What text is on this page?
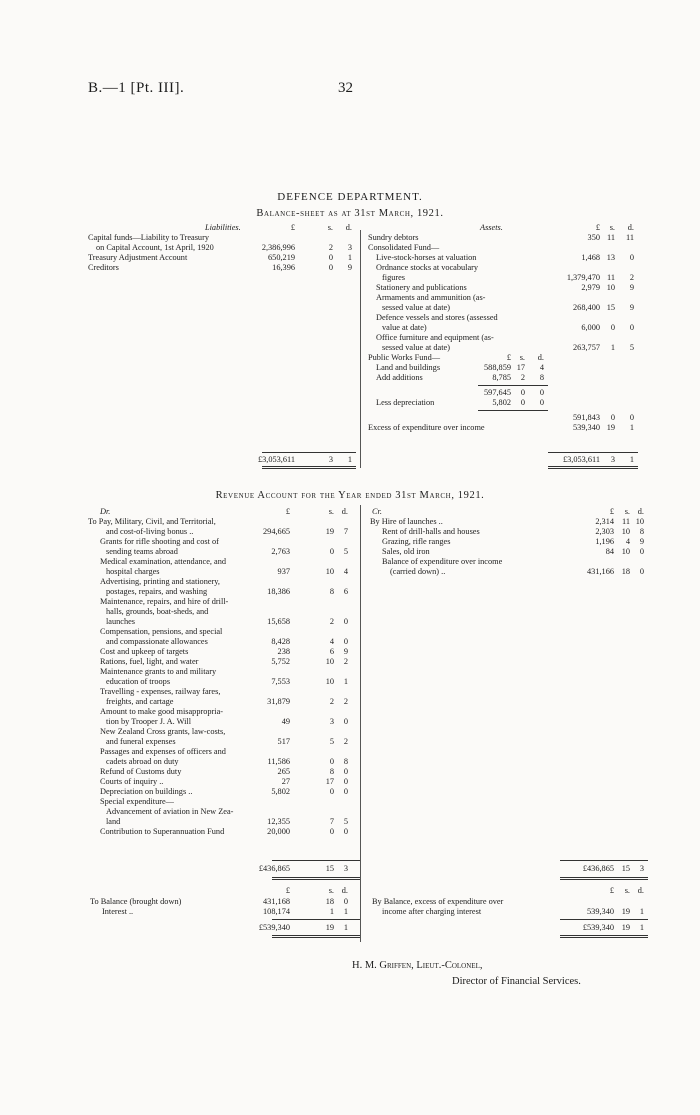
B.—1 [Pt. III].	32
DEFENCE DEPARTMENT.
Balance-sheet as at 31st March, 1921.
Liabilities.	£	s.	d.	Assets.	£	s.	d.
Capital funds—Liability to Treasury
on Capital Account, 1st April, 1920	2,386,996	2	3
Treasury Adjustment Account	650,219	0	1
Creditors	16,396	0	9
£3,053,611	3	1
Sundry debtors	350 11	11
Consolidated Fund—
Live-stock-horses at valuation	1,468 13	0
Ordnance stocks at vocabulary
figures	1,379,470 11	2
Stationery and publications	2,979 10	9
Armaments and ammunition (as-
sessed value at date)	268,400 15	9
Defence vessels and stores (assessed
value at date)	6,000	0	0
Office furniture and equipment (as-
sessed value at date)	263,757	1	5
Public Works Fund—	£	s.	d.
Land and buildings	588,859 17	4
Add additions	8,785	2	8
597,645	0	0
Less depreciation	5,802	0	0
591,843	0	0
Excess of expenditure over income	539,340 19	1
£3,053,611	3	1
Revenue Account for the Year ended 31st March, 1921.
Dr.	£	s. d.	Cr.	£	s. d.
To Pay, Military, Civil, and Territorial,
and cost-of-living bonus ..	294,665	19	7
Grants for rifle shooting and cost of
sending teams abroad	2,763	0	5
Medical examination, attendance, and
hospital charges	937	10	4
Advertising, printing and stationery,
postages, repairs, and washing	18,386	8	6
Maintenance, repairs, and hire of drill-
halls, grounds, boat-sheds, and
launches	15,658	2	0
Compensation, pensions, and special
and compassionate allowances	8,428	4	0
Cost and upkeep of targets	238	6	9
Rations, fuel, light, and water	5,752	10	2
Maintenance grants to and military
education of troops	7,553	10	1
Travelling - expenses, railway fares,
freights, and cartage	31,879	2	2
Amount to make good misappropria-
tion by Trooper J. A. Will	49	3	0
New Zealand Cross grants, law-costs,
and funeral expenses	517	5	2
Passages and expenses of officers and
cadets abroad on duty	11,586	0	8
Refund of Customs duty	265	8	0
Courts of inquiry ..	27	17	0
Depreciation on buildings ..	5,802	0	0
Special expenditure—
Advancement of aviation in New Zea-
land	12,355	7	5
Contribution to Superannuation Fund	20,000	0	0
£436,865	15	3
By Hire of launches ..	2,314 11 10
Rent of drill-halls and houses	2,303 10	8
Grazing, rifle ranges	1,196	4	9
Sales, old iron	84 10	0
Balance of expenditure over income
(carried down) ..	431,166 18	0
£436,865 15	3
£	s. d.	£	s. d.
To Balance (brought down)	431,168	18	0
Interest ..	108,174	1	1
£539,340	19	1
By Balance, excess of expenditure over
income after charging interest	539,340 19	1
£539,340 19	1
H. M. Griffen, Lieut.-Colonel,
Director of Financial Services.
